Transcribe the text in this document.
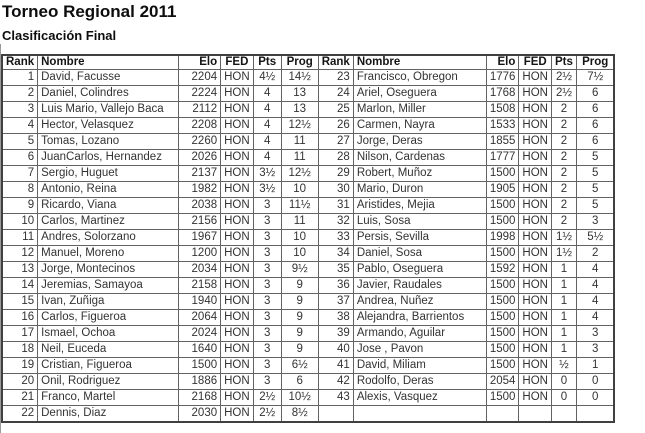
Torneo Regional 2011
Clasificación Final
Rank	Nombre	Elo	FED	Pts	Prog	Rank	Nombre	Elo	FED	Pts	Prog
1	David, Facusse	2204	HON	4½	14½	23	Francisco, Obregon	1776	HON	2½	7½
2	Daniel, Colindres	2224	HON	4	13	24	Ariel, Oseguera	1768	HON	2½	6
3	Luis Mario, Vallejo Baca	2112	HON	4	13	25	Marlon, Miller	1508	HON	2	6
4	Hector, Velasquez	2208	HON	4	12½	26	Carmen, Nayra	1533	HON	2	6
5	Tomas, Lozano	2260	HON	4	11	27	Jorge, Deras	1855	HON	2	6
6	JuanCarlos, Hernandez	2026	HON	4	11	28	Nilson, Cardenas	1777	HON	2	5
7	Sergio, Huguet	2137	HON	3½	12½	29	Robert, Muñoz	1500	HON	2	5
8	Antonio, Reina	1982	HON	3½	10	30	Mario, Duron	1905	HON	2	5
9	Ricardo, Viana	2038	HON	3	11½	31	Aristides, Mejia	1500	HON	2	5
10	Carlos, Martinez	2156	HON	3	11	32	Luis, Sosa	1500	HON	2	3
11	Andres, Solorzano	1967	HON	3	10	33	Persis, Sevilla	1998	HON	1½	5½
12	Manuel, Moreno	1200	HON	3	10	34	Daniel, Sosa	1500	HON	1½	2
13	Jorge, Montecinos	2034	HON	3	9½	35	Pablo, Oseguera	1592	HON	1	4
14	Jeremias, Samayoa	2158	HON	3	9	36	Javier, Raudales	1500	HON	1	4
15	Ivan, Zuñiga	1940	HON	3	9	37	Andrea, Nuñez	1500	HON	1	4
16	Carlos, Figueroa	2064	HON	3	9	38	Alejandra, Barrientos	1500	HON	1	4
17	Ismael, Ochoa	2024	HON	3	9	39	Armando, Aguilar	1500	HON	1	3
18	Neil, Euceda	1640	HON	3	9	40	Jose , Pavon	1500	HON	1	3
19	Cristian, Figueroa	1500	HON	3	6½	41	David, Miliam	1500	HON	½	1
20	Onil, Rodriguez	1886	HON	3	6	42	Rodolfo, Deras	2054	HON	0	0
21	Franco, Martel	2168	HON	2½	10½	43	Alexis, Vasquez	1500	HON	0	0
22	Dennis, Diaz	2030	HON	2½	8½						
